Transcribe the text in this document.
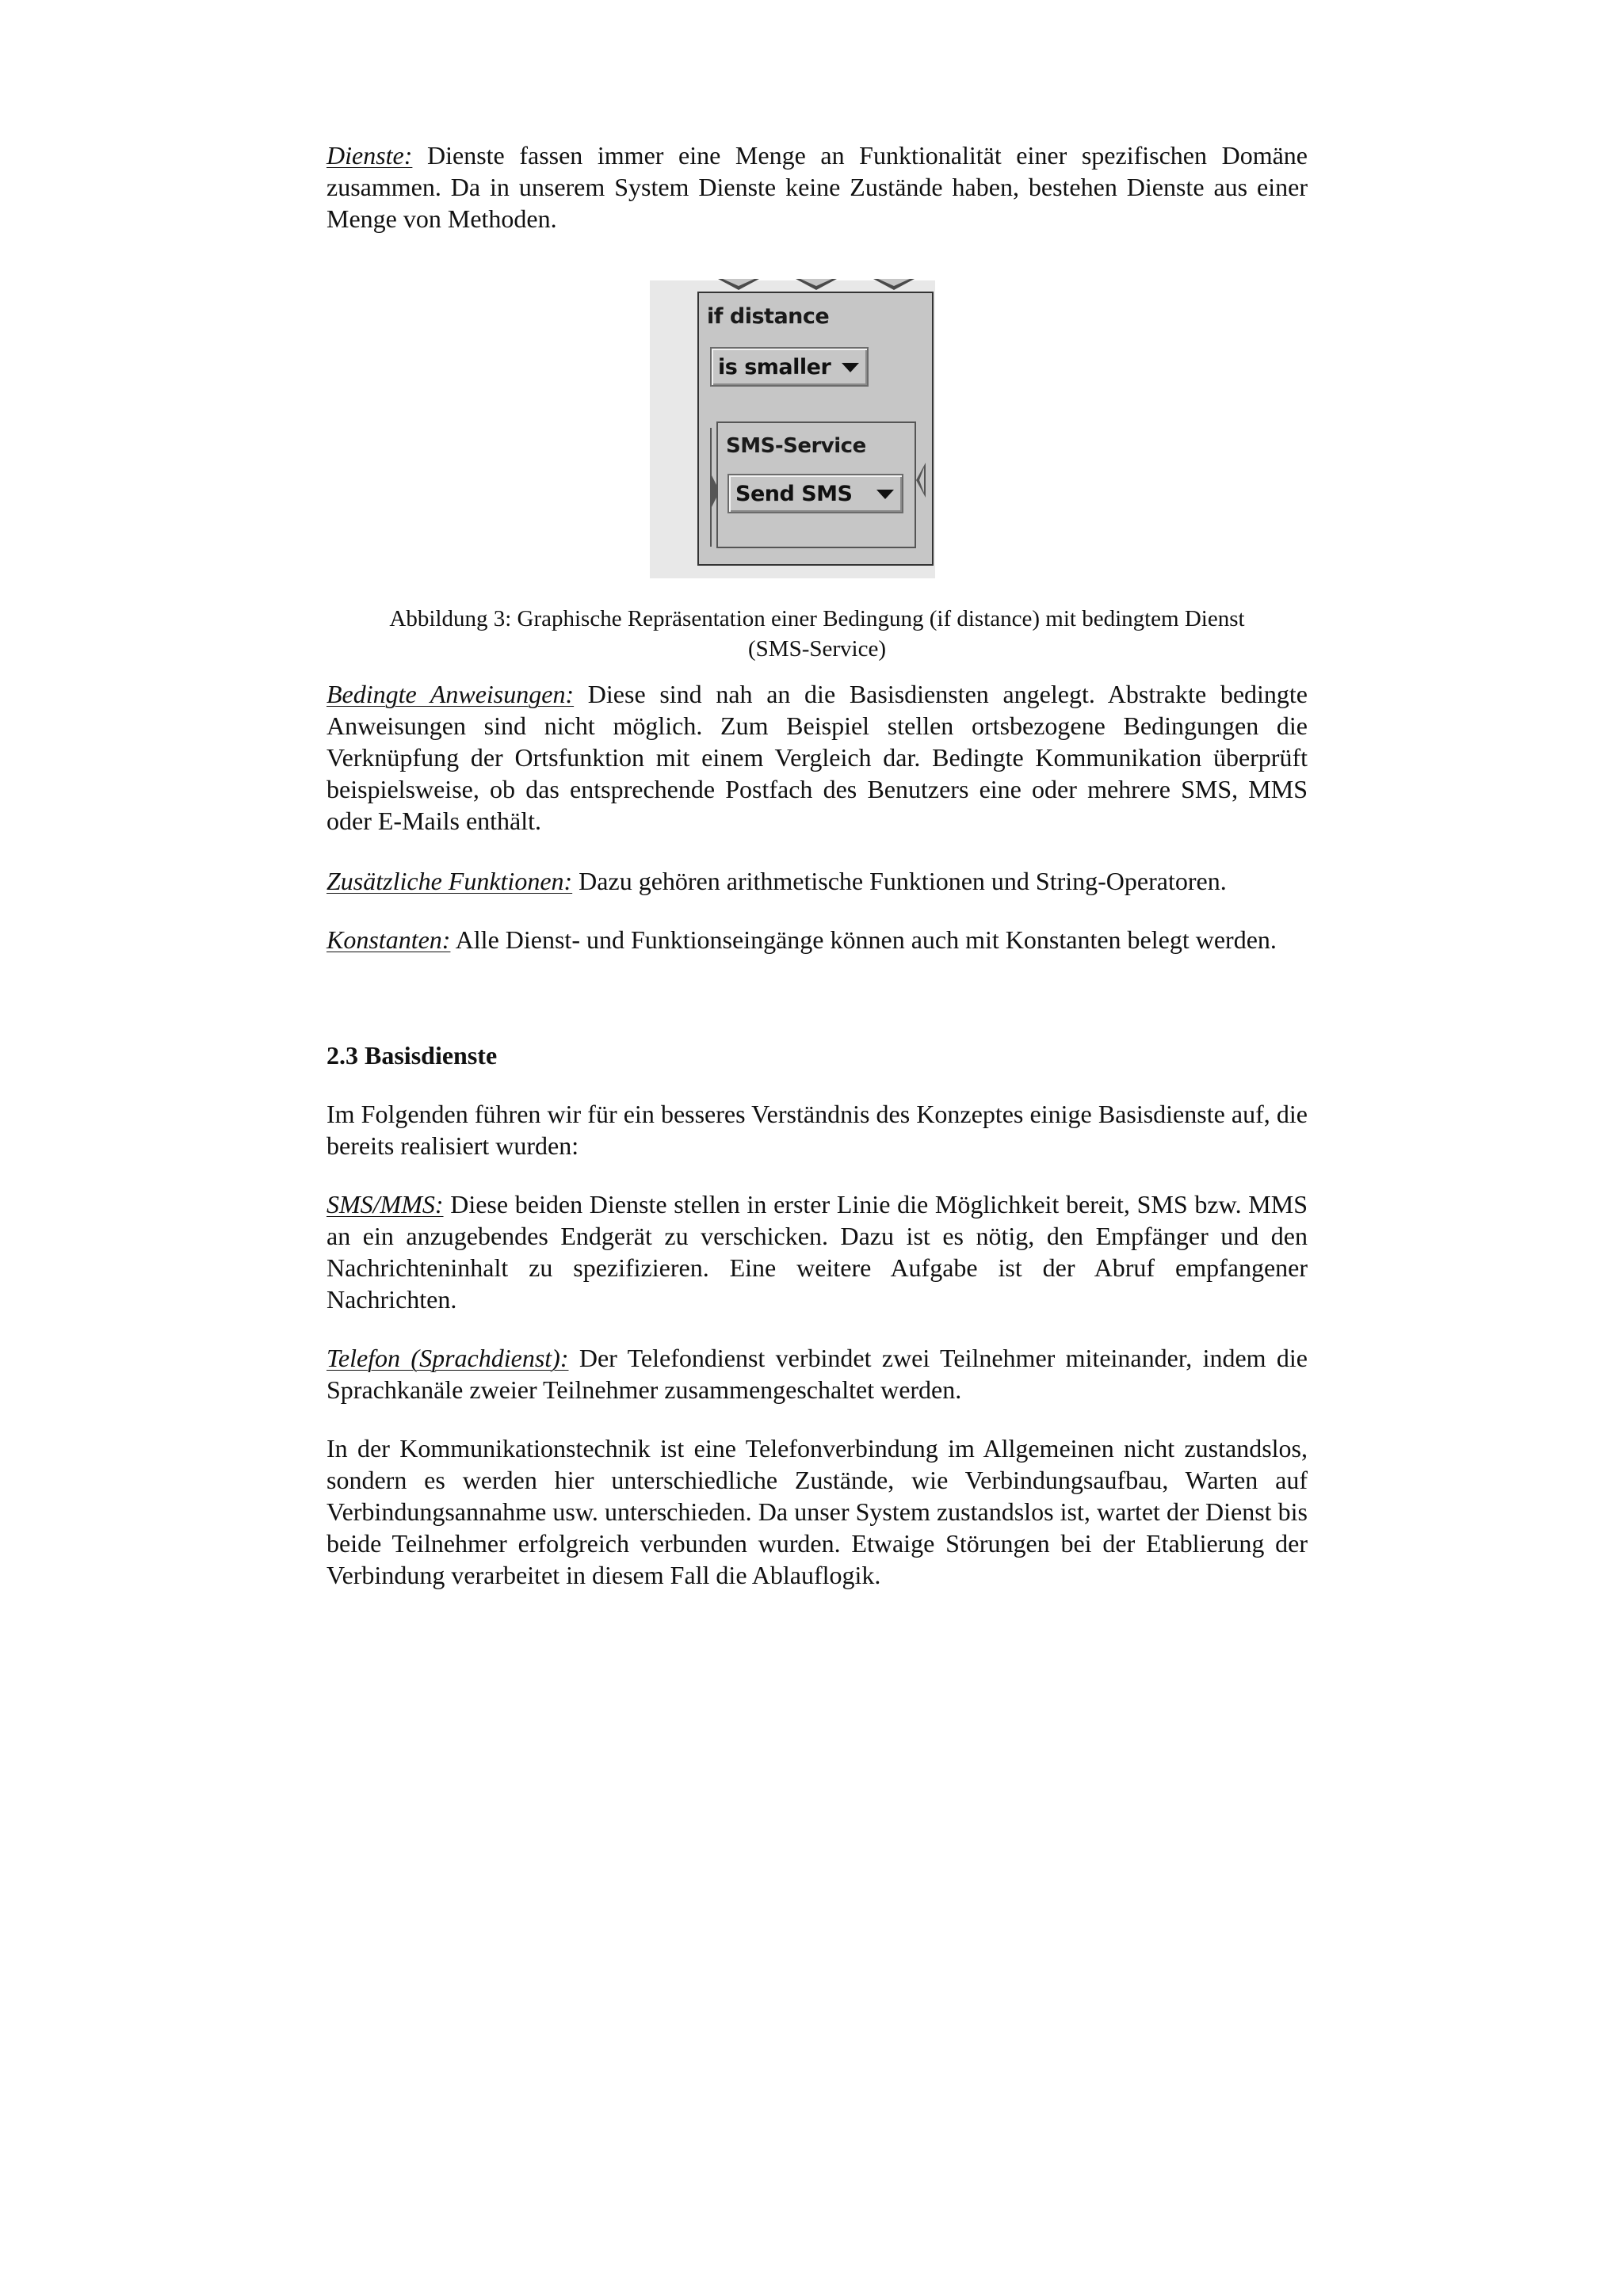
Dienste: Dienste fassen immer eine Menge an Funktionalität einer spezifischen Domäne zusammen. Da in unserem System Dienste keine Zustände haben, bestehen Dienste aus einer Menge von Methoden.

if distance
is smaller
SMS-Service
Send SMS
Abbildung 3: Graphische Repräsentation einer Bedingung (if distance) mit bedingtem Dienst
(SMS-Service)

Bedingte Anweisungen: Diese sind nah an die Basisdiensten angelegt. Abstrakte bedingte Anweisungen sind nicht möglich. Zum Beispiel stellen ortsbezogene Bedingungen die Verknüpfung der Ortsfunktion mit einem Vergleich dar. Bedingte Kommunikation überprüft beispielsweise, ob das entsprechende Postfach des Benutzers eine oder mehrere SMS, MMS oder E-Mails enthält.

Zusätzliche Funktionen: Dazu gehören arithmetische Funktionen und String-Operatoren.

Konstanten: Alle Dienst- und Funktionseingänge können auch mit Konstanten belegt werden.

2.3 Basisdienste

Im Folgenden führen wir für ein besseres Verständnis des Konzeptes einige Basisdienste auf, die bereits realisiert wurden:

SMS/MMS: Diese beiden Dienste stellen in erster Linie die Möglichkeit bereit, SMS bzw. MMS an ein anzugebendes Endgerät zu verschicken. Dazu ist es nötig, den Empfänger und den Nachrichteninhalt zu spezifizieren. Eine weitere Aufgabe ist der Abruf empfangener Nachrichten.

Telefon (Sprachdienst): Der Telefondienst verbindet zwei Teilnehmer miteinander, indem die Sprachkanäle zweier Teilnehmer zusammengeschaltet werden.

In der Kommunikationstechnik ist eine Telefonverbindung im Allgemeinen nicht zustandslos, sondern es werden hier unterschiedliche Zustände, wie Verbindungsaufbau, Warten auf Verbindungsannahme usw. unterschieden. Da unser System zustandslos ist, wartet der Dienst bis beide Teilnehmer erfolgreich verbunden wurden. Etwaige Störungen bei der Etablierung der Verbindung verarbeitet in diesem Fall die Ablauflogik.
